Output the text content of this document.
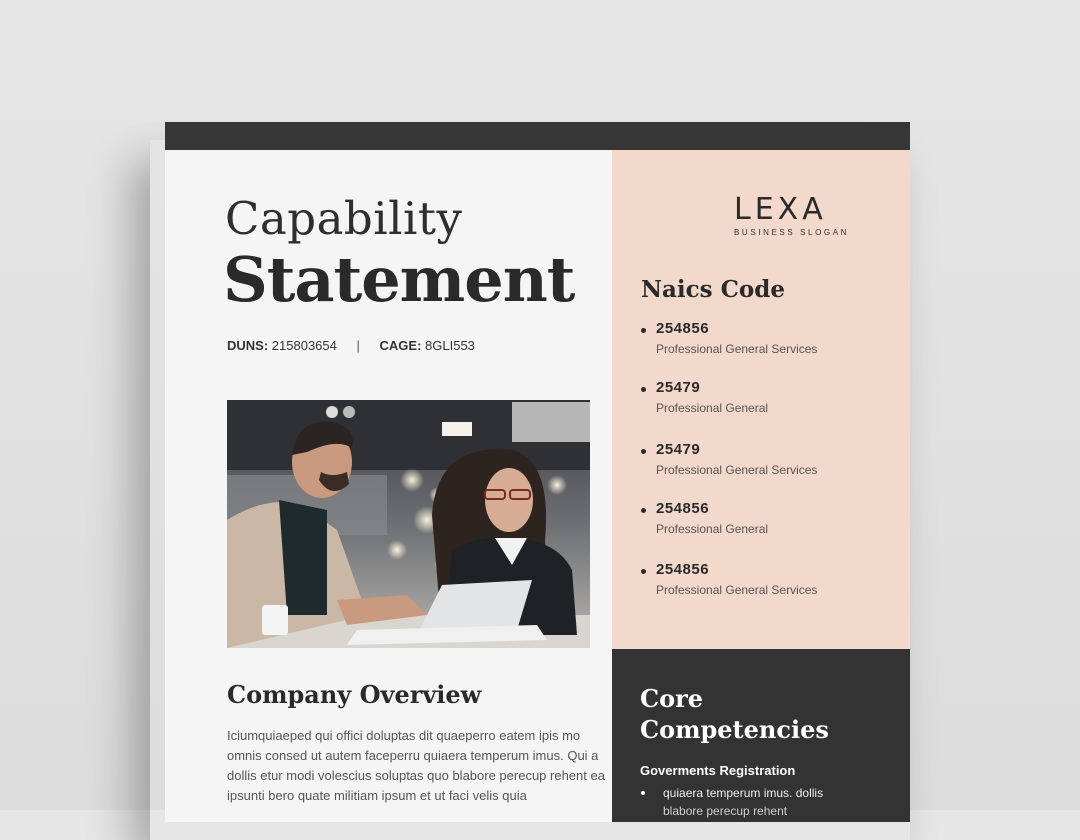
Capability
Statement
DUNS: 215803654 | CAGE: 8GLI553
Company Overview
Iciumquiaeped qui offici doluptas dit quaeperro eatem ipis mo omnis consed ut autem faceperru quiaera temperum imus. Qui a dollis etur modi volescius soluptas quo blabore perecup rehent ea ipsunti bero quate militiam ipsum et ut faci velis quia
LEXA
BUSINESS SLOGAN
Naics Code
254856
Professional General Services
25479
Professional General
25479
Professional General Services
254856
Professional General
254856
Professional General Services
Core
Competencies
Goverments Registration
quiaera temperum imus. dollis
blabore perecup rehent
